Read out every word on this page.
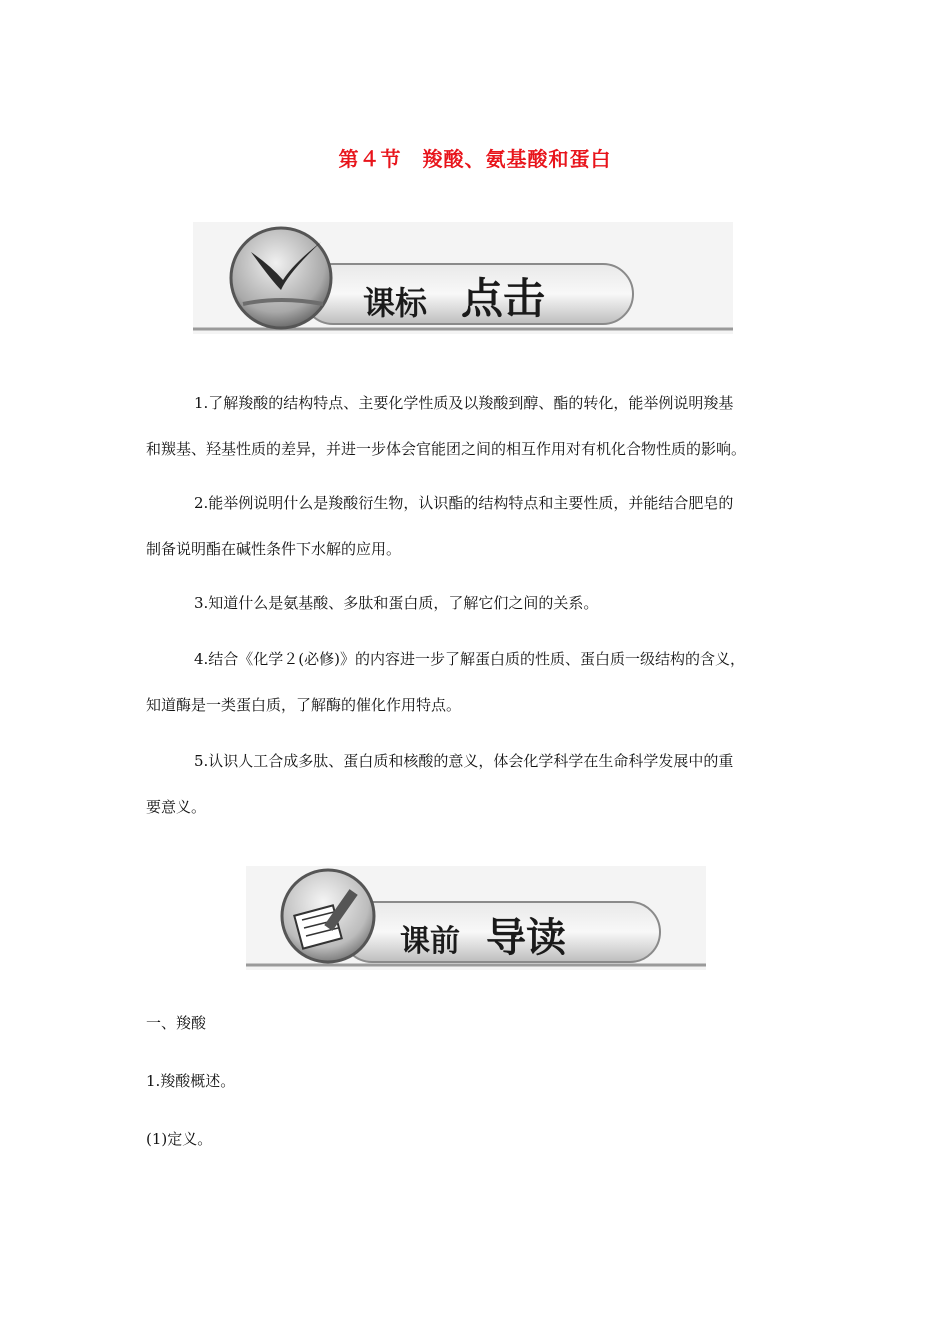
第４节　羧酸、氨基酸和蛋白
课标 点击

1.了解羧酸的结构特点、主要化学性质及以羧酸到醇、酯的转化，能举例说明羧基
和羰基、羟基性质的差异，并进一步体会官能团之间的相互作用对有机化合物性质的影响。

2.能举例说明什么是羧酸衍生物，认识酯的结构特点和主要性质，并能结合肥皂的
制备说明酯在碱性条件下水解的应用。

3.知道什么是氨基酸、多肽和蛋白质，了解它们之间的关系。

4.结合《化学２(必修)》的内容进一步了解蛋白质的性质、蛋白质一级结构的含义，
知道酶是一类蛋白质，了解酶的催化作用特点。

5.认识人工合成多肽、蛋白质和核酸的意义，体会化学科学在生命科学发展中的重
要意义。

课前 导读

一、羧酸

1.羧酸概述。

(1)定义。
